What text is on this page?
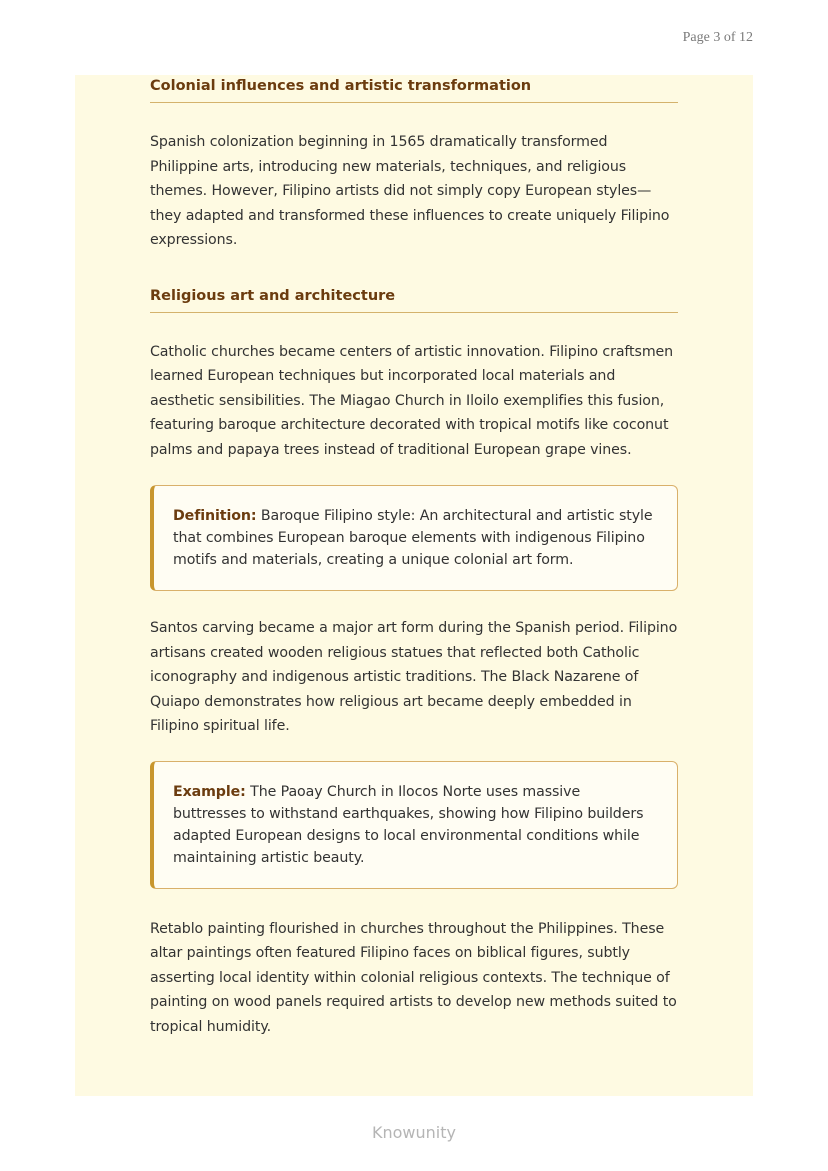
Page 3 of 12
Colonial influences and artistic transformation

Spanish colonization beginning in 1565 dramatically transformed Philippine arts, introducing new materials, techniques, and religious themes. However, Filipino artists did not simply copy European styles—they adapted and transformed these influences to create uniquely Filipino expressions.

Religious art and architecture

Catholic churches became centers of artistic innovation. Filipino craftsmen learned European techniques but incorporated local materials and aesthetic sensibilities. The Miagao Church in Iloilo exemplifies this fusion, featuring baroque architecture decorated with tropical motifs like coconut palms and papaya trees instead of traditional European grape vines.

Definition: Baroque Filipino style: An architectural and artistic style that combines European baroque elements with indigenous Filipino motifs and materials, creating a unique colonial art form.

Santos carving became a major art form during the Spanish period. Filipino artisans created wooden religious statues that reflected both Catholic iconography and indigenous artistic traditions. The Black Nazarene of Quiapo demonstrates how religious art became deeply embedded in Filipino spiritual life.

Example: The Paoay Church in Ilocos Norte uses massive buttresses to withstand earthquakes, showing how Filipino builders adapted European designs to local environmental conditions while maintaining artistic beauty.

Retablo painting flourished in churches throughout the Philippines. These altar paintings often featured Filipino faces on biblical figures, subtly asserting local identity within colonial religious contexts. The technique of painting on wood panels required artists to develop new methods suited to tropical humidity.

Knowunity
